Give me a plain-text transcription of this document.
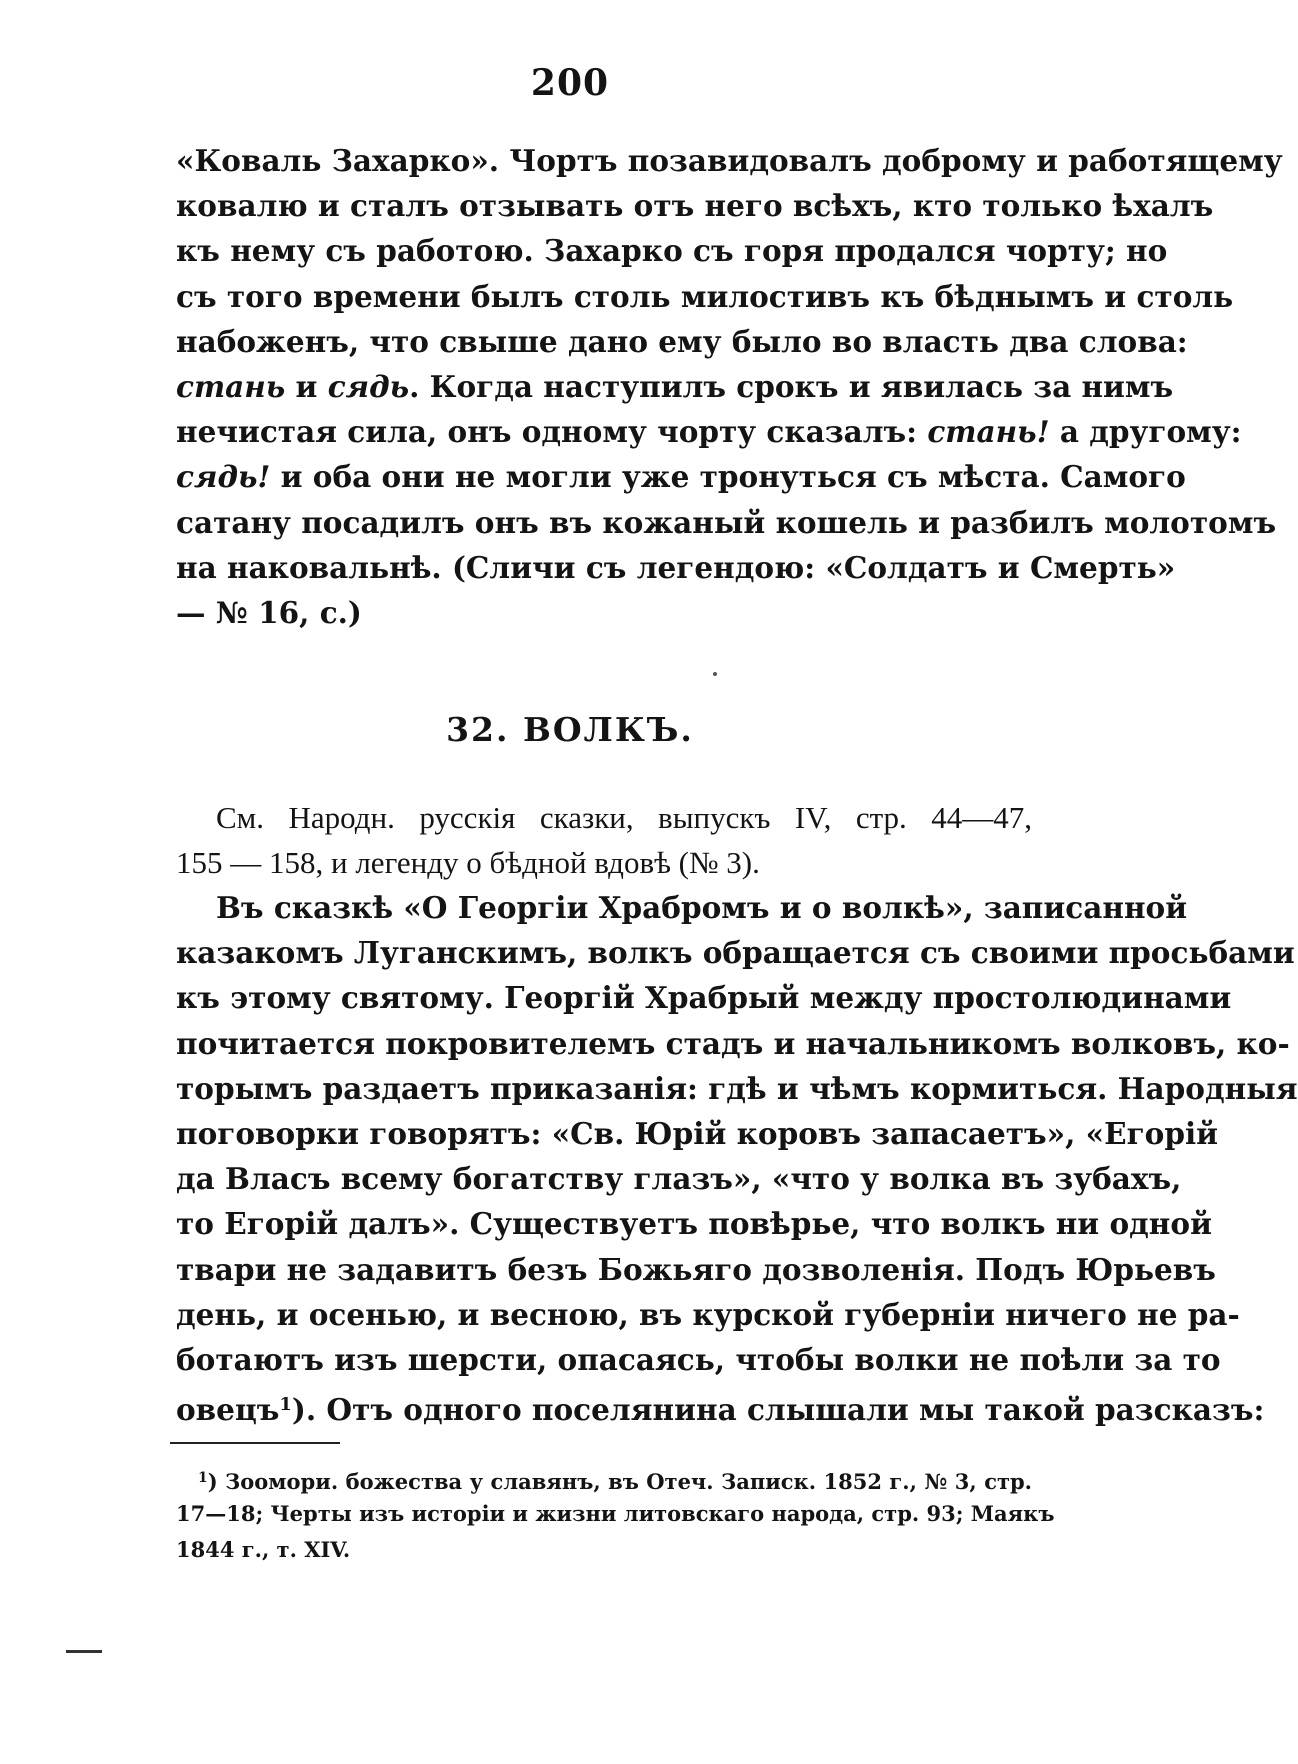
200
«Коваль Захарко». Чортъ позавидовалъ доброму и работящему
ковалю и сталъ отзывать отъ него всѣхъ, кто только ѣхалъ
къ нему съ работою. Захарко съ горя продался чорту; но
съ того времени былъ столь милостивъ къ бѣднымъ и столь
набоженъ, что свыше дано ему было во власть два слова:
стань и сядь. Когда наступилъ срокъ и явилась за нимъ
нечистая сила, онъ одному чорту сказалъ: стань! а другому:
сядь! и оба они не могли уже тронуться съ мѣста. Самого
сатану посадилъ онъ въ кожаный кошель и разбилъ молотомъ
на наковальнѣ. (Сличи съ легендою: «Солдатъ и Смерть»
— № 16, с.)
32. ВОЛКЪ.
См. Народн. русскія сказки, выпускъ IV, стр. 44—47,
155 — 158, и легенду о бѣдной вдовѣ (№ 3).
Въ сказкѣ «О Георгіи Храбромъ и о волкѣ», записанной
казакомъ Луганскимъ, волкъ обращается съ своими просьбами
къ этому святому. Георгій Храбрый между простолюдинами
почитается покровителемъ стадъ и начальникомъ волковъ, ко-
торымъ раздаетъ приказанія: гдѣ и чѣмъ кормиться. Народныя
поговорки говорятъ: «Св. Юрій коровъ запасаетъ», «Егорій
да Власъ всему богатству глазъ», «что у волка въ зубахъ,
то Егорій далъ». Существуетъ повѣрье, что волкъ ни одной
твари не задавитъ безъ Божьяго дозволенія. Подъ Юрьевъ
день, и осенью, и весною, въ курской губерніи ничего не ра-
ботаютъ изъ шерсти, опасаясь, чтобы волки не поѣли за то
овецъ$^1$). Отъ одного поселянина слышали мы такой разсказъ:
$^1$) Зоомори. божества у славянъ, въ Отеч. Записк. 1852 г., № 3, стр.
17—18; Черты изъ исторіи и жизни литовскаго народа, стр. 93; Маякъ
1844 г., т. XIV.
